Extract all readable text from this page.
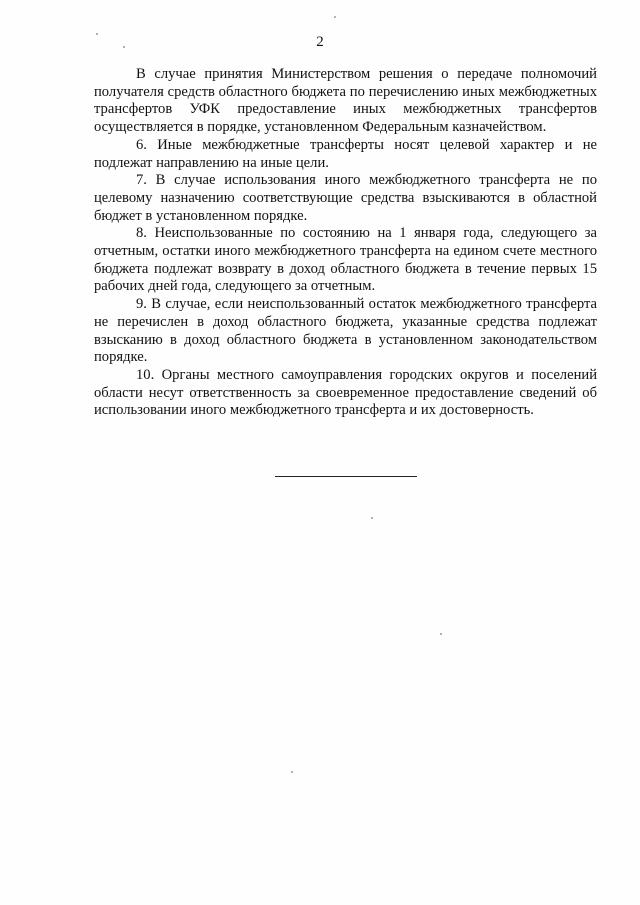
2

В случае принятия Министерством решения о передаче полномочий получателя средств областного бюджета по перечислению иных межбюджетных трансфертов УФК предоставление иных межбюджетных трансфертов осуществляется в порядке, установленном Федеральным казначейством.

6. Иные межбюджетные трансферты носят целевой характер и не подлежат направлению на иные цели.

7. В случае использования иного межбюджетного трансферта не по целевому назначению соответствующие средства взыскиваются в областной бюджет в установленном порядке.

8. Неиспользованные по состоянию на 1 января года, следующего за отчетным, остатки иного межбюджетного трансферта на едином счете местного бюджета подлежат возврату в доход областного бюджета в течение первых 15 рабочих дней года, следующего за отчетным.

9. В случае, если неиспользованный остаток межбюджетного трансферта не перечислен в доход областного бюджета, указанные средства подлежат взысканию в доход областного бюджета в установленном законодательством порядке.

10. Органы местного самоуправления городских округов и поселений области несут ответственность за своевременное предоставление сведений об использовании иного межбюджетного трансферта и их достоверность.
